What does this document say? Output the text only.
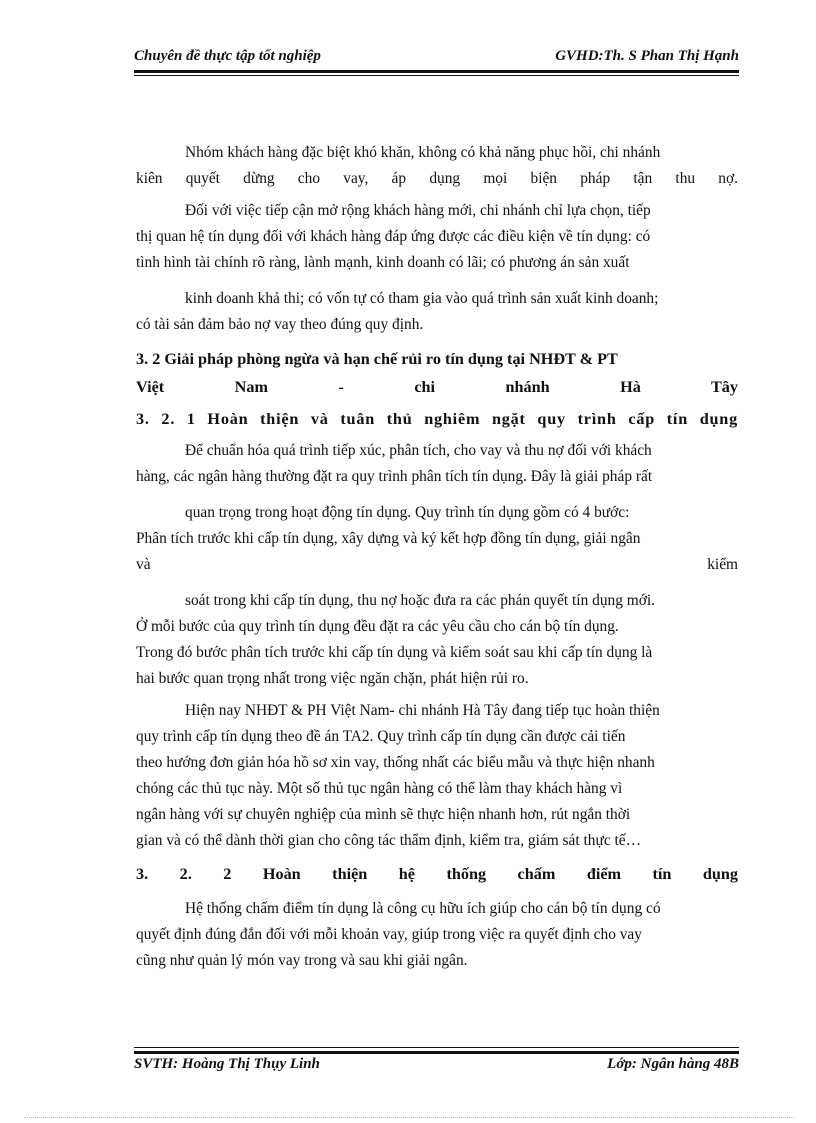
Chuyên đề thực tập tốt nghiệp	GVHD:Th. S Phan Thị Hạnh
Nhóm khách hàng đặc biệt khó khăn, không có khả năng phục hồi, chi nhánh
kiên quyết dừng cho vay, áp dụng mọi biện pháp tận thu nợ.
Đối với việc tiếp cận mở rộng khách hàng mới, chi nhánh chỉ lựa chọn, tiếp
thị quan hệ tín dụng đối với khách hàng đáp ứng được các điều kiện về tín dụng: có
tình hình tài chính rõ ràng, lành mạnh, kinh doanh có lãi; có phương án sản xuất
kinh doanh khả thi; có vốn tự có tham gia vào quá trình sản xuất kinh doanh;
có tài sản đảm bảo nợ vay theo đúng quy định.
3. 2 Giải pháp phòng ngừa và hạn chế rủi ro tín dụng tại NHĐT & PT
Việt Nam - chi nhánh Hà Tây
3. 2. 1 Hoàn thiện và tuân thủ nghiêm ngặt quy trình cấp tín dụng
Để chuẩn hóa quá trình tiếp xúc, phân tích, cho vay và thu nợ đối với khách
hàng, các ngân hàng thường đặt ra quy trình phân tích tín dụng. Đây là giải pháp rất
quan trọng trong hoạt động tín dụng. Quy trình tín dụng gồm có 4 bước:
Phân tích trước khi cấp tín dụng, xây dựng và ký kết hợp đồng tín dụng, giải ngân
và kiểm
soát trong khi cấp tín dụng, thu nợ hoặc đưa ra các phán quyết tín dụng mới.
Ở mỗi bước của quy trình tín dụng đều đặt ra các yêu cầu cho cán bộ tín dụng.
Trong đó bước phân tích trước khi cấp tín dụng và kiểm soát sau khi cấp tín dụng là
hai bước quan trọng nhất trong việc ngăn chặn, phát hiện rủi ro.
Hiện nay NHĐT & PH Việt Nam- chi nhánh Hà Tây đang tiếp tục hoàn thiện
quy trình cấp tín dụng theo đề án TA2. Quy trình cấp tín dụng cần được cải tiến
theo hướng đơn giản hóa hồ sơ xin vay, thống nhất các biểu mẫu và thực hiện nhanh
chóng các thủ tục này. Một số thủ tục ngân hàng có thể làm thay khách hàng vì
ngân hàng với sự chuyên nghiệp của mình sẽ thực hiện nhanh hơn, rút ngắn thời
gian và có thể dành thời gian cho công tác thẩm định, kiểm tra, giám sát thực tế…
3. 2. 2 Hoàn thiện hệ thống chấm điểm tín dụng
Hệ thống chấm điểm tín dụng là công cụ hữu ích giúp cho cán bộ tín dụng có
quyết định đúng đắn đối với mỗi khoản vay, giúp trong việc ra quyết định cho vay
cũng như quản lý món vay trong và sau khi giải ngân.
SVTH: Hoàng Thị Thụy Linh	Lớp: Ngân hàng 48B
